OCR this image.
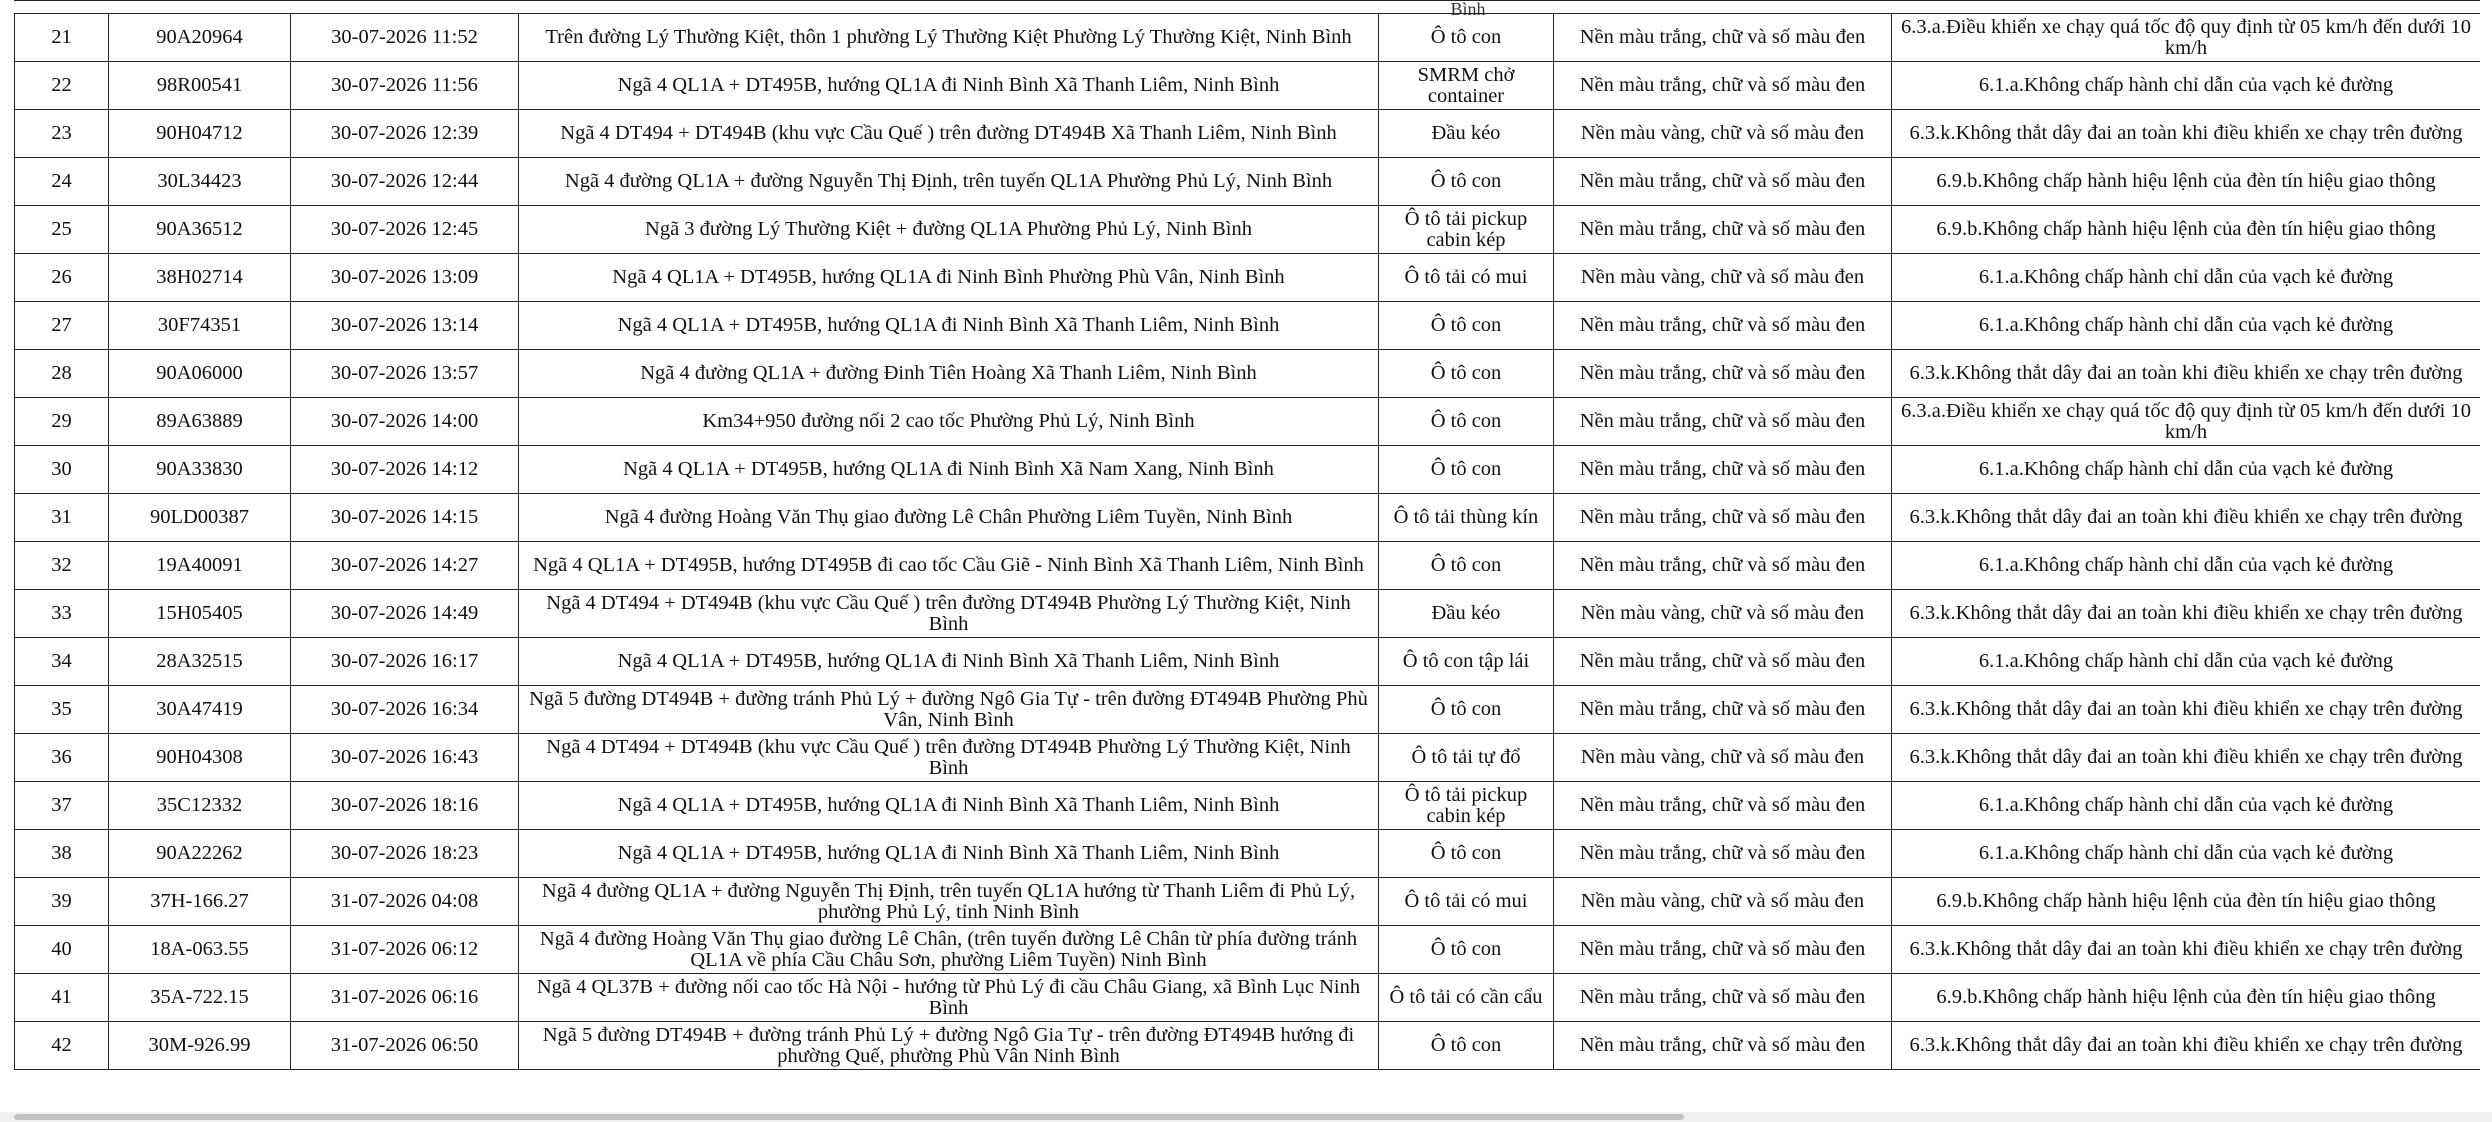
Bình
21	90A20964	30-07-2026 11:52	Trên đường Lý Thường Kiệt, thôn 1 phường Lý Thường Kiệt Phường Lý Thường Kiệt, Ninh Bình	Ô tô con	Nền màu trắng, chữ và số màu đen	6.3.a.Điều khiển xe chạy quá tốc độ quy định từ 05 km/h đến dưới 10 km/h
22	98R00541	30-07-2026 11:56	Ngã 4 QL1A + DT495B, hướng QL1A đi Ninh Bình Xã Thanh Liêm, Ninh Bình	SMRM chở container	Nền màu trắng, chữ và số màu đen	6.1.a.Không chấp hành chỉ dẫn của vạch kẻ đường
23	90H04712	30-07-2026 12:39	Ngã 4 DT494 + DT494B (khu vực Cầu Quế ) trên đường DT494B Xã Thanh Liêm, Ninh Bình	Đầu kéo	Nền màu vàng, chữ và số màu đen	6.3.k.Không thắt dây đai an toàn khi điều khiển xe chạy trên đường
24	30L34423	30-07-2026 12:44	Ngã 4 đường QL1A + đường Nguyễn Thị Định, trên tuyến QL1A Phường Phủ Lý, Ninh Bình	Ô tô con	Nền màu trắng, chữ và số màu đen	6.9.b.Không chấp hành hiệu lệnh của đèn tín hiệu giao thông
25	90A36512	30-07-2026 12:45	Ngã 3 đường Lý Thường Kiệt + đường QL1A Phường Phủ Lý, Ninh Bình	Ô tô tải pickup cabin kép	Nền màu trắng, chữ và số màu đen	6.9.b.Không chấp hành hiệu lệnh của đèn tín hiệu giao thông
26	38H02714	30-07-2026 13:09	Ngã 4 QL1A + DT495B, hướng QL1A đi Ninh Bình Phường Phù Vân, Ninh Bình	Ô tô tải có mui	Nền màu vàng, chữ và số màu đen	6.1.a.Không chấp hành chỉ dẫn của vạch kẻ đường
27	30F74351	30-07-2026 13:14	Ngã 4 QL1A + DT495B, hướng QL1A đi Ninh Bình Xã Thanh Liêm, Ninh Bình	Ô tô con	Nền màu trắng, chữ và số màu đen	6.1.a.Không chấp hành chỉ dẫn của vạch kẻ đường
28	90A06000	30-07-2026 13:57	Ngã 4 đường QL1A + đường Đinh Tiên Hoàng Xã Thanh Liêm, Ninh Bình	Ô tô con	Nền màu trắng, chữ và số màu đen	6.3.k.Không thắt dây đai an toàn khi điều khiển xe chạy trên đường
29	89A63889	30-07-2026 14:00	Km34+950 đường nối 2 cao tốc Phường Phủ Lý, Ninh Bình	Ô tô con	Nền màu trắng, chữ và số màu đen	6.3.a.Điều khiển xe chạy quá tốc độ quy định từ 05 km/h đến dưới 10 km/h
30	90A33830	30-07-2026 14:12	Ngã 4 QL1A + DT495B, hướng QL1A đi Ninh Bình Xã Nam Xang, Ninh Bình	Ô tô con	Nền màu trắng, chữ và số màu đen	6.1.a.Không chấp hành chỉ dẫn của vạch kẻ đường
31	90LD00387	30-07-2026 14:15	Ngã 4 đường Hoàng Văn Thụ giao đường Lê Chân Phường Liêm Tuyền, Ninh Bình	Ô tô tải thùng kín	Nền màu trắng, chữ và số màu đen	6.3.k.Không thắt dây đai an toàn khi điều khiển xe chạy trên đường
32	19A40091	30-07-2026 14:27	Ngã 4 QL1A + DT495B, hướng DT495B đi cao tốc Cầu Giẽ - Ninh Bình Xã Thanh Liêm, Ninh Bình	Ô tô con	Nền màu trắng, chữ và số màu đen	6.1.a.Không chấp hành chỉ dẫn của vạch kẻ đường
33	15H05405	30-07-2026 14:49	Ngã 4 DT494 + DT494B (khu vực Cầu Quế ) trên đường DT494B Phường Lý Thường Kiệt, Ninh Bình	Đầu kéo	Nền màu vàng, chữ và số màu đen	6.3.k.Không thắt dây đai an toàn khi điều khiển xe chạy trên đường
34	28A32515	30-07-2026 16:17	Ngã 4 QL1A + DT495B, hướng QL1A đi Ninh Bình Xã Thanh Liêm, Ninh Bình	Ô tô con tập lái	Nền màu trắng, chữ và số màu đen	6.1.a.Không chấp hành chỉ dẫn của vạch kẻ đường
35	30A47419	30-07-2026 16:34	Ngã 5 đường DT494B + đường tránh Phủ Lý + đường Ngô Gia Tự - trên đường ĐT494B Phường Phù Vân, Ninh Bình	Ô tô con	Nền màu trắng, chữ và số màu đen	6.3.k.Không thắt dây đai an toàn khi điều khiển xe chạy trên đường
36	90H04308	30-07-2026 16:43	Ngã 4 DT494 + DT494B (khu vực Cầu Quế ) trên đường DT494B Phường Lý Thường Kiệt, Ninh Bình	Ô tô tải tự đổ	Nền màu vàng, chữ và số màu đen	6.3.k.Không thắt dây đai an toàn khi điều khiển xe chạy trên đường
37	35C12332	30-07-2026 18:16	Ngã 4 QL1A + DT495B, hướng QL1A đi Ninh Bình Xã Thanh Liêm, Ninh Bình	Ô tô tải pickup cabin kép	Nền màu trắng, chữ và số màu đen	6.1.a.Không chấp hành chỉ dẫn của vạch kẻ đường
38	90A22262	30-07-2026 18:23	Ngã 4 QL1A + DT495B, hướng QL1A đi Ninh Bình Xã Thanh Liêm, Ninh Bình	Ô tô con	Nền màu trắng, chữ và số màu đen	6.1.a.Không chấp hành chỉ dẫn của vạch kẻ đường
39	37H-166.27	31-07-2026 04:08	Ngã 4 đường QL1A + đường Nguyễn Thị Định, trên tuyến QL1A hướng từ Thanh Liêm đi Phủ Lý, phường Phủ Lý, tỉnh Ninh Bình	Ô tô tải có mui	Nền màu vàng, chữ và số màu đen	6.9.b.Không chấp hành hiệu lệnh của đèn tín hiệu giao thông
40	18A-063.55	31-07-2026 06:12	Ngã 4 đường Hoàng Văn Thụ giao đường Lê Chân, (trên tuyến đường Lê Chân từ phía đường tránh QL1A về phía Cầu Châu Sơn, phường Liêm Tuyền) Ninh Bình	Ô tô con	Nền màu trắng, chữ và số màu đen	6.3.k.Không thắt dây đai an toàn khi điều khiển xe chạy trên đường
41	35A-722.15	31-07-2026 06:16	Ngã 4 QL37B + đường nối cao tốc Hà Nội - hướng từ Phủ Lý đi cầu Châu Giang, xã Bình Lục Ninh Bình	Ô tô tải có cần cẩu	Nền màu trắng, chữ và số màu đen	6.9.b.Không chấp hành hiệu lệnh của đèn tín hiệu giao thông
42	30M-926.99	31-07-2026 06:50	Ngã 5 đường DT494B + đường tránh Phủ Lý + đường Ngô Gia Tự - trên đường ĐT494B hướng đi phường Quế, phường Phù Vân Ninh Bình	Ô tô con	Nền màu trắng, chữ và số màu đen	6.3.k.Không thắt dây đai an toàn khi điều khiển xe chạy trên đường
